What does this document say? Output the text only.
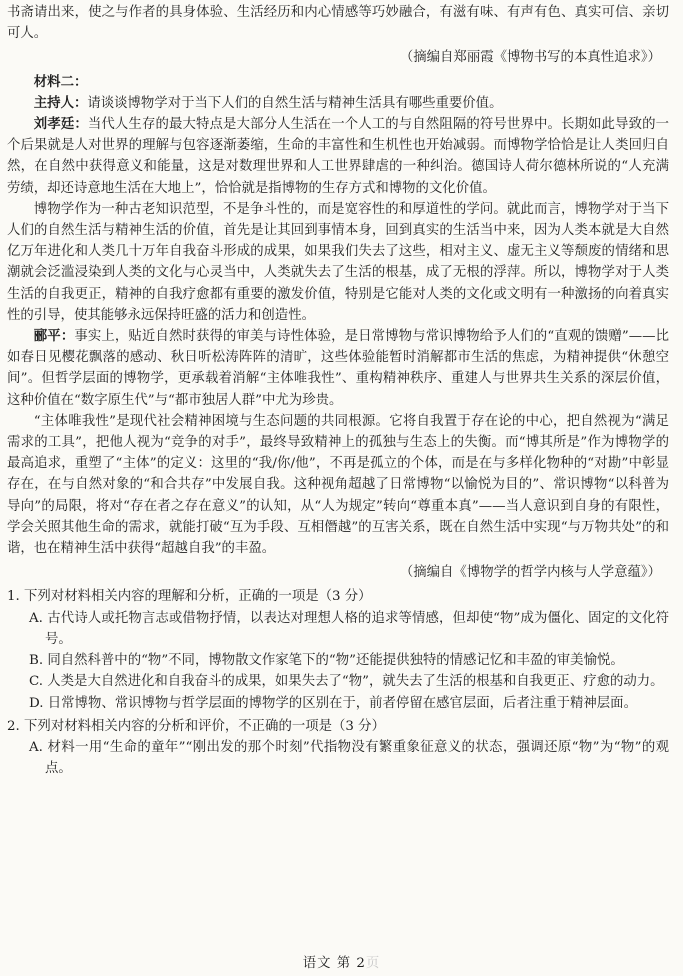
书斋请出来，使之与作者的具身体验、生活经历和内心情感等巧妙融合，有滋有味、有声有色、真实可信、亲切可人。

（摘编自郑丽霞《博物书写的本真性追求》）

材料二：

主持人：请谈谈博物学对于当下人们的自然生活与精神生活具有哪些重要价值。

刘孝廷：当代人生存的最大特点是大部分人生活在一个人工的与自然阻隔的符号世界中。长期如此导致的一个后果就是人对世界的理解与包容逐渐萎缩，生命的丰富性和生机性也开始减弱。而博物学恰恰是让人类回归自然，在自然中获得意义和能量，这是对数理世界和人工世界肆虐的一种纠治。德国诗人荷尔德林所说的“人充满劳绩，却还诗意地生活在大地上”，恰恰就是指博物的生存方式和博物的文化价值。

博物学作为一种古老知识范型，不是争斗性的，而是宽容性的和厚道性的学问。就此而言，博物学对于当下人们的自然生活与精神生活的价值，首先是让其回到事情本身，回到真实的生活当中来，因为人类本就是大自然亿万年进化和人类几十万年自我奋斗形成的成果，如果我们失去了这些，相对主义、虚无主义等颓废的情绪和思潮就会泛滥浸染到人类的文化与心灵当中，人类就失去了生活的根基，成了无根的浮萍。所以，博物学对于人类生活的自我更正，精神的自我疗愈都有重要的激发价值，特别是它能对人类的文化或文明有一种激扬的向着真实性的引导，使其能够永远保持旺盛的活力和创造性。

郦平：事实上，贴近自然时获得的审美与诗性体验，是日常博物与常识博物给予人们的“直观的馈赠”——比如春日见樱花飘落的感动、秋日听松涛阵阵的清旷，这些体验能暂时消解都市生活的焦虑，为精神提供“休憩空间”。但哲学层面的博物学，更承载着消解“主体唯我性”、重构精神秩序、重建人与世界共生关系的深层价值，这种价值在“数字原生代”与“都市独居人群”中尤为珍贵。

“主体唯我性”是现代社会精神困境与生态问题的共同根源。它将自我置于存在论的中心，把自然视为“满足需求的工具”，把他人视为“竞争的对手”，最终导致精神上的孤独与生态上的失衡。而“博其所是”作为博物学的最高追求，重塑了“主体”的定义：这里的“我/你/他”，不再是孤立的个体，而是在与多样化物种的“对勘”中彰显存在，在与自然对象的“和合共存”中发展自我。这种视角超越了日常博物“以愉悦为目的”、常识博物“以科普为导向”的局限，将对“存在者之存在意义”的认知，从“人为规定”转向“尊重本真”——当人意识到自身的有限性，学会关照其他生命的需求，就能打破“互为手段、互相僭越”的互害关系，既在自然生活中实现“与万物共处”的和谐，也在精神生活中获得“超越自我”的丰盈。

（摘编自《博物学的哲学内核与人学意蕴》）

1. 下列对材料相关内容的理解和分析，正确的一项是（3 分）

A. 古代诗人或托物言志或借物抒情，以表达对理想人格的追求等情感，但却使“物”成为僵化、固定的文化符号。

B. 同自然科普中的“物”不同，博物散文作家笔下的“物”还能提供独特的情感记忆和丰盈的审美愉悦。

C. 人类是大自然进化和自我奋斗的成果，如果失去了“物”，就失去了生活的根基和自我更正、疗愈的动力。

D. 日常博物、常识博物与哲学层面的博物学的区别在于，前者停留在感官层面，后者注重于精神层面。

2. 下列对材料相关内容的分析和评价，不正确的一项是（3 分）

A. 材料一用“生命的童年”“刚出发的那个时刻”代指物没有繁重象征意义的状态，强调还原“物”为“物”的观点。

语文 第 2页
